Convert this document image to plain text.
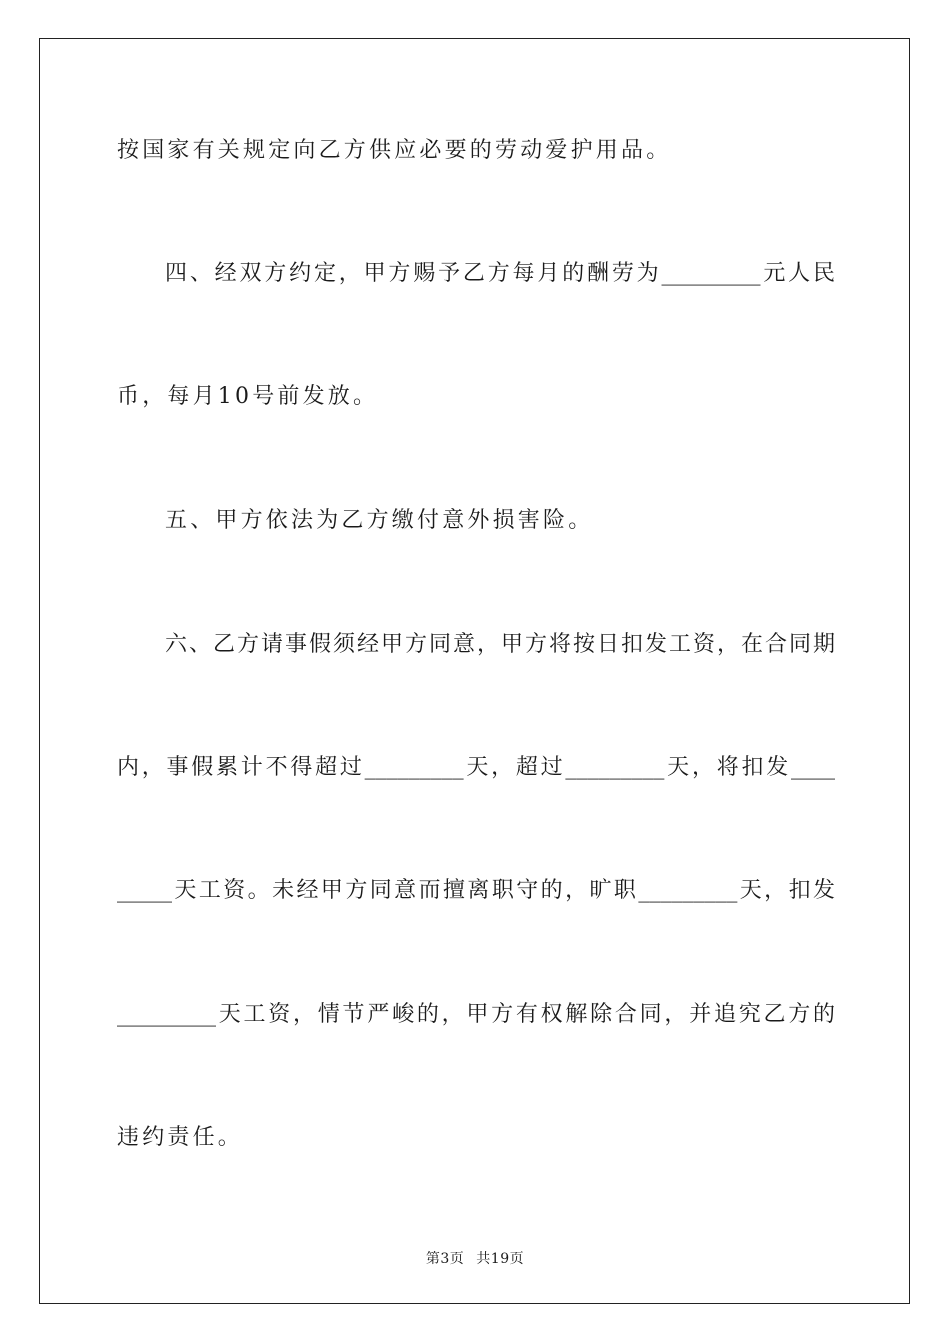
按国家有关规定向乙方供应必要的劳动爱护用品。
四、经双方约定，甲方赐予乙方每月的酬劳为_________元人民
币，每月10号前发放。
五、甲方依法为乙方缴付意外损害险。
六、乙方请事假须经甲方同意，甲方将按日扣发工资，在合同期
内，事假累计不得超过_________天，超过_________天，将扣发____
_____天工资。未经甲方同意而擅离职守的，旷职_________天，扣发
_________天工资，情节严峻的，甲方有权解除合同，并追究乙方的
违约责任。
第3页 共19页
